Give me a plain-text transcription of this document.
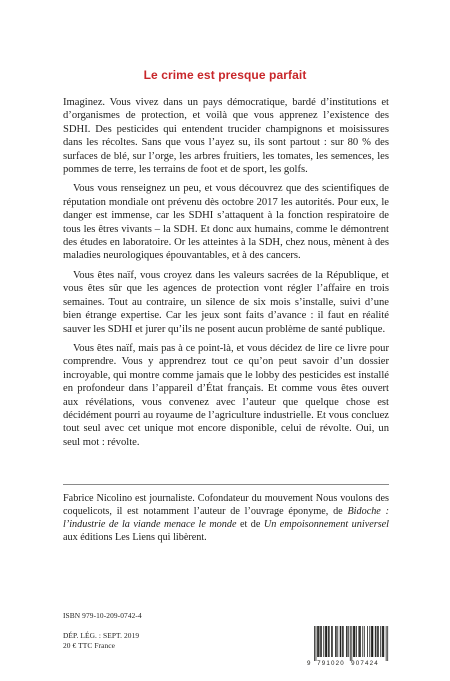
Le crime est presque parfait

Imaginez. Vous vivez dans un pays démocratique, bardé d’institutions et d’organismes de protection, et voilà que vous apprenez l’existence des SDHI. Des pesticides qui entendent trucider champignons et moisissures dans les récoltes. Sans que vous l’ayez su, ils sont partout : sur 80 % des surfaces de blé, sur l’orge, les arbres fruitiers, les tomates, les semences, les pommes de terre, les terrains de foot et de sport, les golfs.

Vous vous renseignez un peu, et vous découvrez que des scientifiques de réputation mondiale ont prévenu dès octobre 2017 les autorités. Pour eux, le danger est immense, car les SDHI s’attaquent à la fonction respiratoire de tous les êtres vivants – la SDH. Et donc aux humains, comme le démontrent des études en laboratoire. Or les atteintes à la SDH, chez nous, mènent à des maladies neurologiques épouvantables, et à des cancers.

Vous êtes naïf, vous croyez dans les valeurs sacrées de la République, et vous êtes sûr que les agences de protection vont régler l’affaire en trois semaines. Tout au contraire, un silence de six mois s’installe, suivi d’une bien étrange expertise. Car les jeux sont faits d’avance : il faut en réalité sauver les SDHI et jurer qu’ils ne posent aucun problème de santé publique.

Vous êtes naïf, mais pas à ce point-là, et vous décidez de lire ce livre pour comprendre. Vous y apprendrez tout ce qu’on peut savoir d’un dossier incroyable, qui montre comme jamais que le lobby des pesticides est installé en profondeur dans l’appareil d’État français. Et comme vous êtes ouvert aux révélations, vous convenez avec l’auteur que quelque chose est décidément pourri au royaume de l’agriculture industrielle. Et vous concluez tout seul avec cet unique mot encore disponible, celui de révolte. Oui, un seul mot : révolte.

Fabrice Nicolino est journaliste. Cofondateur du mouvement Nous voulons des coquelicots, il est notamment l’auteur de l’ouvrage éponyme, de Bidoche : l’industrie de la viande menace le monde et de Un empoisonnement universel aux éditions Les Liens qui libèrent.
ISBN 979-10-209-0742-4
DÉP. LÉG. : SEPT. 2019
20 € TTC France
9 791020 907424
